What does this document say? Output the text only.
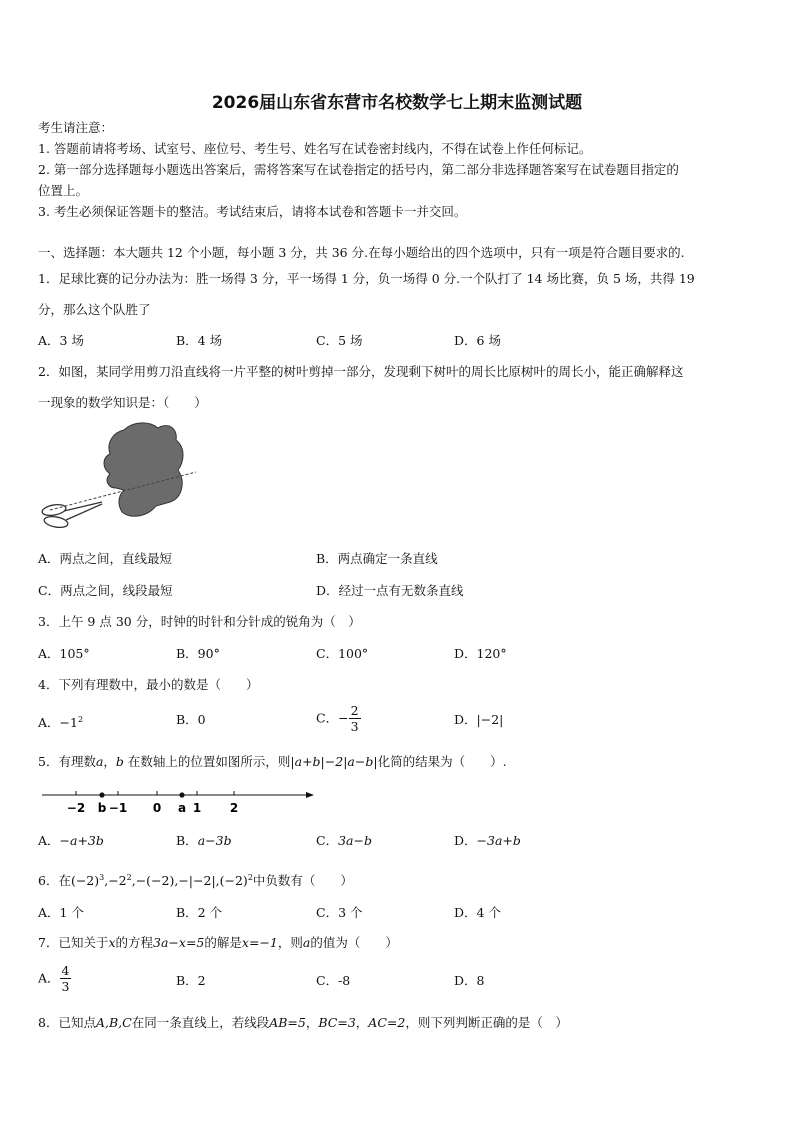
2026届山东省东营市名校数学七上期末监测试题
考生请注意：
1. 答题前请将考场、试室号、座位号、考生号、姓名写在试卷密封线内，不得在试卷上作任何标记。
2. 第一部分选择题每小题选出答案后，需将答案写在试卷指定的括号内，第二部分非选择题答案写在试卷题目指定的
位置上。
3. 考生必须保证答题卡的整洁。考试结束后，请将本试卷和答题卡一并交回。
一、选择题：本大题共 12 个小题，每小题 3 分，共 36 分.在每小题给出的四个选项中，只有一项是符合题目要求的.
1．足球比赛的记分办法为：胜一场得 3 分，平一场得 1 分，负一场得 0 分.一个队打了 14 场比赛，负 5 场，共得 19
分，那么这个队胜了
A．3 场	B．4 场	C．5 场	D．6 场
2．如图，某同学用剪刀沿直线将一片平整的树叶剪掉一部分，发现剩下树叶的周长比原树叶的周长小，能正确解释这
一现象的数学知识是：（　　）
A．两点之间，直线最短	B．两点确定一条直线
C．两点之间，线段最短	D．经过一点有无数条直线
3．上午 9 点 30 分，时钟的时针和分针成的锐角为（　）
A．105°	B．90°	C．100°	D．120°
4．下列有理数中，最小的数是（　　）
A．$-1^2$	B．0	C．− $\frac{2}{3}$	D．|−2|
5．有理数a，b 在数轴上的位置如图所示，则|a+b|−2|a−b|化简的结果为（　　）.
−2 −1 0	1 2
b	a
A．−a+3b	B．a−3b	C．3a−b	D．−3a+b
6．在$(-2)^3,-2^2,-(-2),-|-2|,(-2)^2$中负数有（　　）
A．1 个	B．2 个	C．3 个	D．4 个
7．已知关于x的方程3a−x=5的解是x=−1，则a的值为（　　）
A． $\frac{4}{3}$	B．2	C．-8	D．8
8．已知点A,B,C在同一条直线上，若线段AB=5，BC=3，AC=2，则下列判断正确的是（　）
